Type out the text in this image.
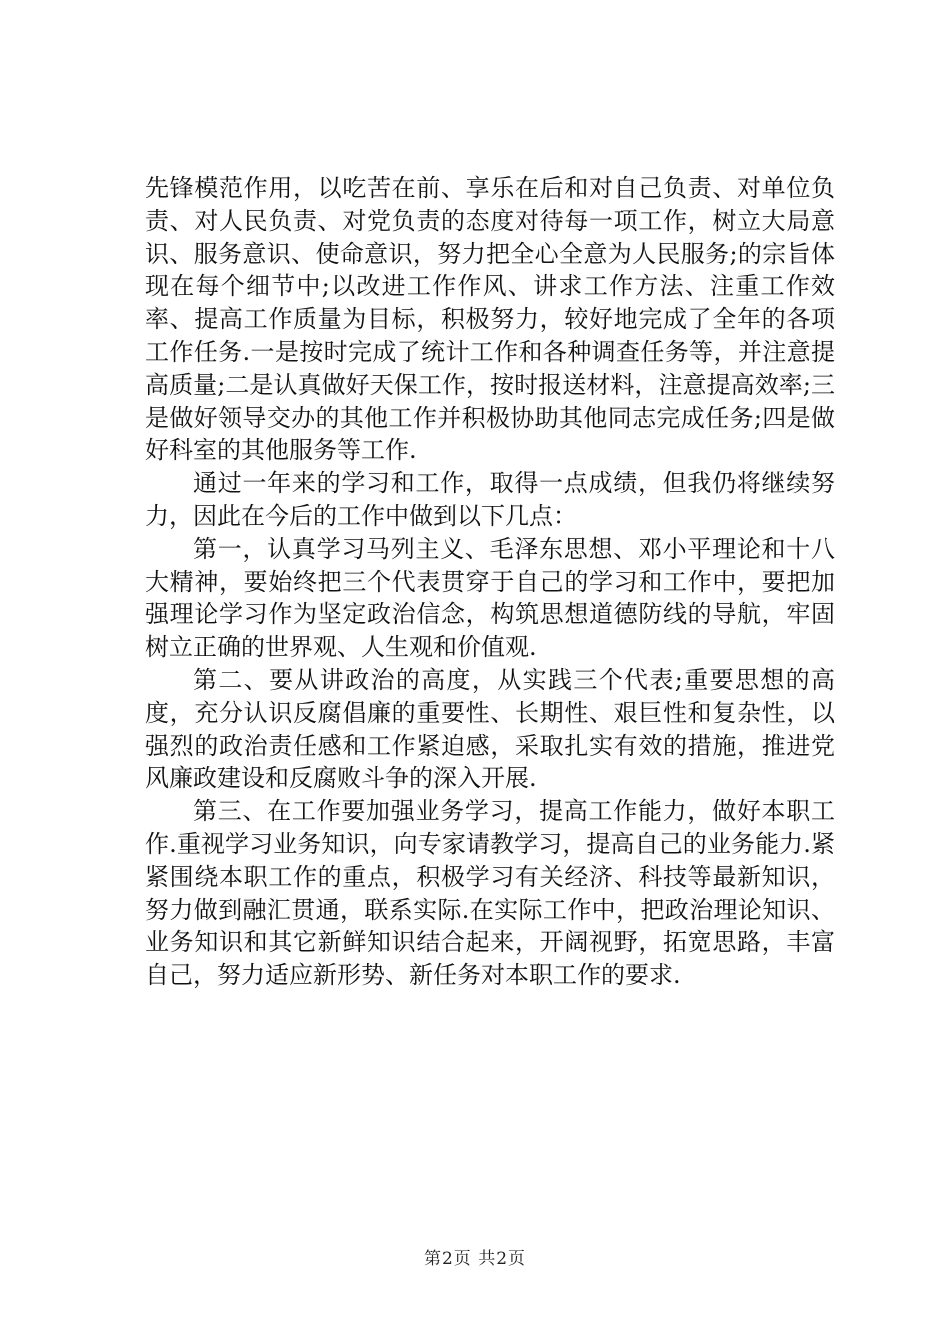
先锋模范作用，以吃苦在前、享乐在后和对自己负责、对单位负责、对人民负责、对党负责的态度对待每一项工作，树立大局意识、服务意识、使命意识，努力把全心全意为人民服务;的宗旨体现在每个细节中;以改进工作作风、讲求工作方法、注重工作效率、提高工作质量为目标，积极努力，较好地完成了全年的各项工作任务.一是按时完成了统计工作和各种调查任务等，并注意提高质量;二是认真做好天保工作，按时报送材料，注意提高效率;三是做好领导交办的其他工作并积极协助其他同志完成任务;四是做好科室的其他服务等工作.

通过一年来的学习和工作，取得一点成绩，但我仍将继续努力，因此在今后的工作中做到以下几点：

第一，认真学习马列主义、毛泽东思想、邓小平理论和十八大精神，要始终把三个代表贯穿于自己的学习和工作中，要把加强理论学习作为坚定政治信念，构筑思想道德防线的导航，牢固树立正确的世界观、人生观和价值观.

第二、要从讲政治的高度，从实践三个代表;重要思想的高度，充分认识反腐倡廉的重要性、长期性、艰巨性和复杂性，以强烈的政治责任感和工作紧迫感，采取扎实有效的措施，推进党风廉政建设和反腐败斗争的深入开展.

第三、在工作要加强业务学习，提高工作能力，做好本职工作.重视学习业务知识，向专家请教学习，提高自己的业务能力.紧紧围绕本职工作的重点，积极学习有关经济、科技等最新知识，努力做到融汇贯通，联系实际.在实际工作中，把政治理论知识、业务知识和其它新鲜知识结合起来，开阔视野，拓宽思路，丰富自己，努力适应新形势、新任务对本职工作的要求.

第2页 共2页
